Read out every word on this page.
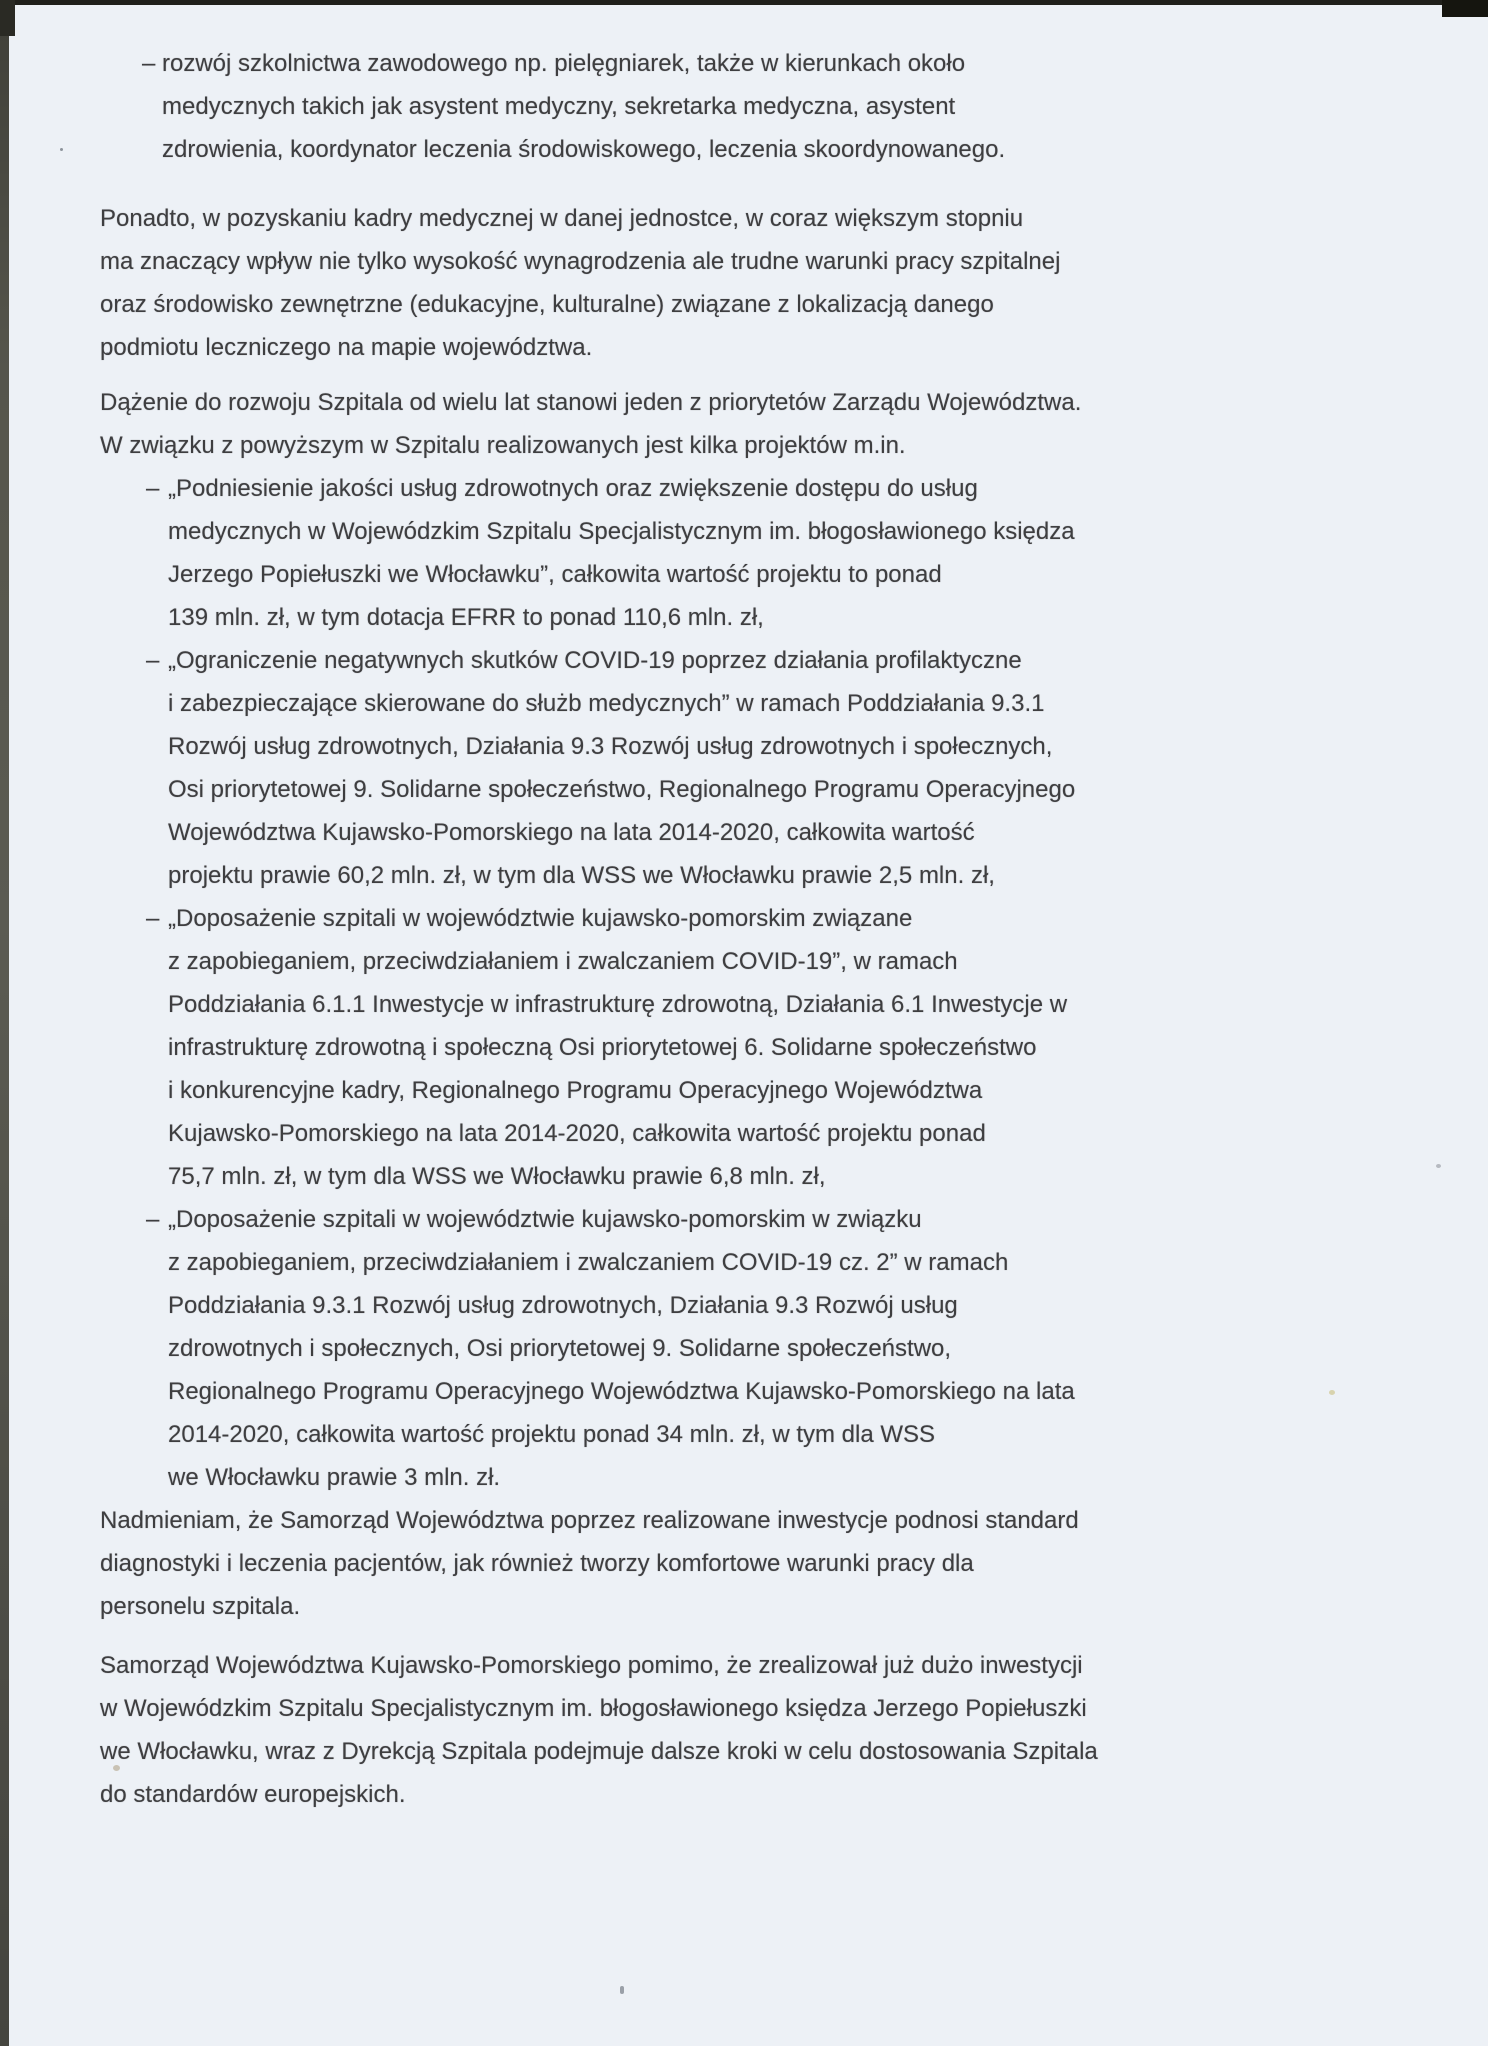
– rozwój szkolnictwa zawodowego np. pielęgniarek, także w kierunkach około
medycznych takich jak asystent medyczny, sekretarka medyczna, asystent
zdrowienia, koordynator leczenia środowiskowego, leczenia skoordynowanego.
Ponadto, w pozyskaniu kadry medycznej w danej jednostce, w coraz większym stopniu
ma znaczący wpływ nie tylko wysokość wynagrodzenia ale trudne warunki pracy szpitalnej
oraz środowisko zewnętrzne (edukacyjne, kulturalne) związane z lokalizacją danego
podmiotu leczniczego na mapie województwa.
Dążenie do rozwoju Szpitala od wielu lat stanowi jeden z priorytetów Zarządu Województwa.
W związku z powyższym w Szpitalu realizowanych jest kilka projektów m.in.
– „Podniesienie jakości usług zdrowotnych oraz zwiększenie dostępu do usług
medycznych w Wojewódzkim Szpitalu Specjalistycznym im. błogosławionego księdza
Jerzego Popiełuszki we Włocławku”, całkowita wartość projektu to ponad
139 mln. zł, w tym dotacja EFRR to ponad 110,6 mln. zł,
– „Ograniczenie negatywnych skutków COVID-19 poprzez działania profilaktyczne
i zabezpieczające skierowane do służb medycznych” w ramach Poddziałania 9.3.1
Rozwój usług zdrowotnych, Działania 9.3 Rozwój usług zdrowotnych i społecznych,
Osi priorytetowej 9. Solidarne społeczeństwo, Regionalnego Programu Operacyjnego
Województwa Kujawsko-Pomorskiego na lata 2014-2020, całkowita wartość
projektu prawie 60,2 mln. zł, w tym dla WSS we Włocławku prawie 2,5 mln. zł,
– „Doposażenie szpitali w województwie kujawsko-pomorskim związane
z zapobieganiem, przeciwdziałaniem i zwalczaniem COVID-19”, w ramach
Poddziałania 6.1.1 Inwestycje w infrastrukturę zdrowotną, Działania 6.1 Inwestycje w
infrastrukturę zdrowotną i społeczną Osi priorytetowej 6. Solidarne społeczeństwo
i konkurencyjne kadry, Regionalnego Programu Operacyjnego Województwa
Kujawsko-Pomorskiego na lata 2014-2020, całkowita wartość projektu ponad
75,7 mln. zł, w tym dla WSS we Włocławku prawie 6,8 mln. zł,
– „Doposażenie szpitali w województwie kujawsko-pomorskim w związku
z zapobieganiem, przeciwdziałaniem i zwalczaniem COVID-19 cz. 2” w ramach
Poddziałania 9.3.1 Rozwój usług zdrowotnych, Działania 9.3 Rozwój usług
zdrowotnych i społecznych, Osi priorytetowej 9. Solidarne społeczeństwo,
Regionalnego Programu Operacyjnego Województwa Kujawsko-Pomorskiego na lata
2014-2020, całkowita wartość projektu ponad 34 mln. zł, w tym dla WSS
we Włocławku prawie 3 mln. zł.
Nadmieniam, że Samorząd Województwa poprzez realizowane inwestycje podnosi standard
diagnostyki i leczenia pacjentów, jak również tworzy komfortowe warunki pracy dla
personelu szpitala.
Samorząd Województwa Kujawsko-Pomorskiego pomimo, że zrealizował już dużo inwestycji
w Wojewódzkim Szpitalu Specjalistycznym im. błogosławionego księdza Jerzego Popiełuszki
we Włocławku, wraz z Dyrekcją Szpitala podejmuje dalsze kroki w celu dostosowania Szpitala
do standardów europejskich.
